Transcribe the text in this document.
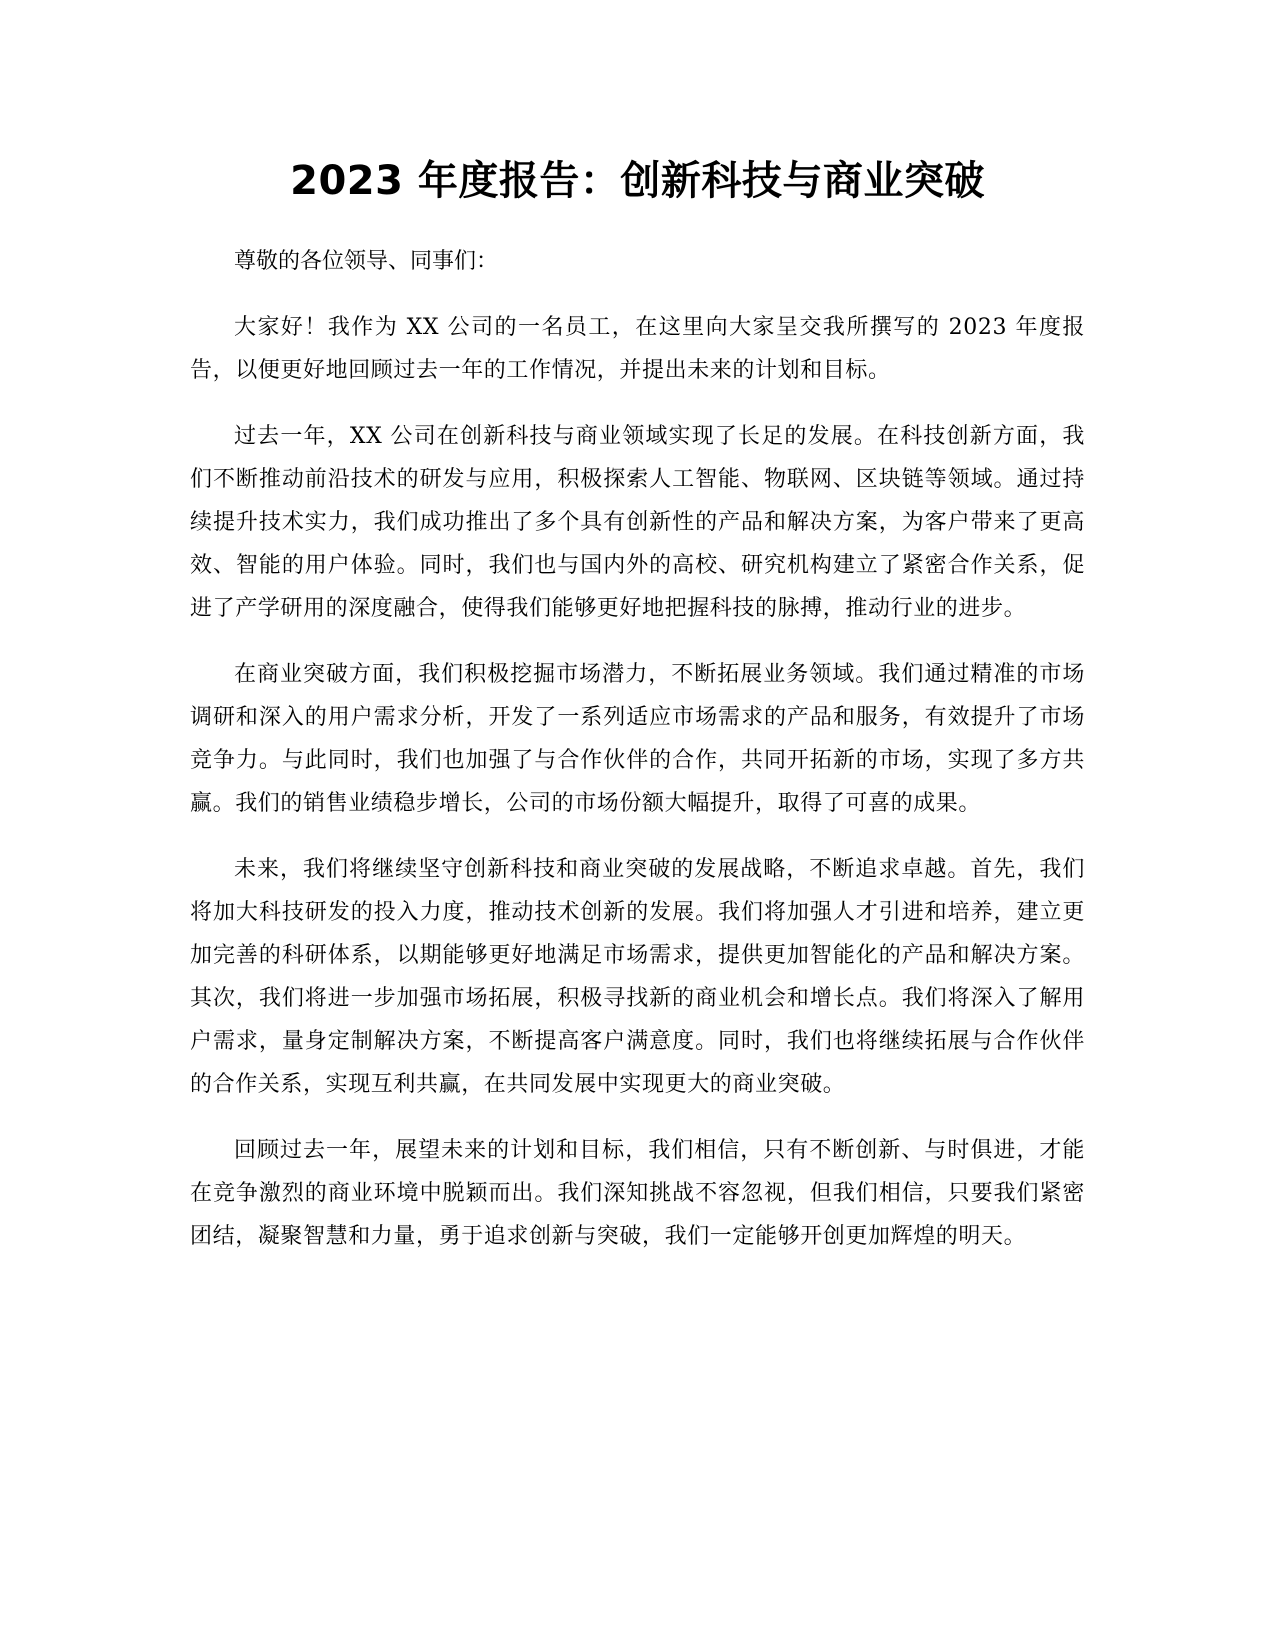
2023 年度报告：创新科技与商业突破

尊敬的各位领导、同事们：

大家好！我作为 XX 公司的一名员工，在这里向大家呈交我所撰写的 2023 年度报告，以便更好地回顾过去一年的工作情况，并提出未来的计划和目标。

过去一年，XX 公司在创新科技与商业领域实现了长足的发展。在科技创新方面，我们不断推动前沿技术的研发与应用，积极探索人工智能、物联网、区块链等领域。通过持续提升技术实力，我们成功推出了多个具有创新性的产品和解决方案，为客户带来了更高效、智能的用户体验。同时，我们也与国内外的高校、研究机构建立了紧密合作关系，促进了产学研用的深度融合，使得我们能够更好地把握科技的脉搏，推动行业的进步。

在商业突破方面，我们积极挖掘市场潜力，不断拓展业务领域。我们通过精准的市场调研和深入的用户需求分析，开发了一系列适应市场需求的产品和服务，有效提升了市场竞争力。与此同时，我们也加强了与合作伙伴的合作，共同开拓新的市场，实现了多方共赢。我们的销售业绩稳步增长，公司的市场份额大幅提升，取得了可喜的成果。

未来，我们将继续坚守创新科技和商业突破的发展战略，不断追求卓越。首先，我们将加大科技研发的投入力度，推动技术创新的发展。我们将加强人才引进和培养，建立更加完善的科研体系，以期能够更好地满足市场需求，提供更加智能化的产品和解决方案。其次，我们将进一步加强市场拓展，积极寻找新的商业机会和增长点。我们将深入了解用户需求，量身定制解决方案，不断提高客户满意度。同时，我们也将继续拓展与合作伙伴的合作关系，实现互利共赢，在共同发展中实现更大的商业突破。

回顾过去一年，展望未来的计划和目标，我们相信，只有不断创新、与时俱进，才能在竞争激烈的商业环境中脱颖而出。我们深知挑战不容忽视，但我们相信，只要我们紧密团结，凝聚智慧和力量，勇于追求创新与突破，我们一定能够开创更加辉煌的明天。
